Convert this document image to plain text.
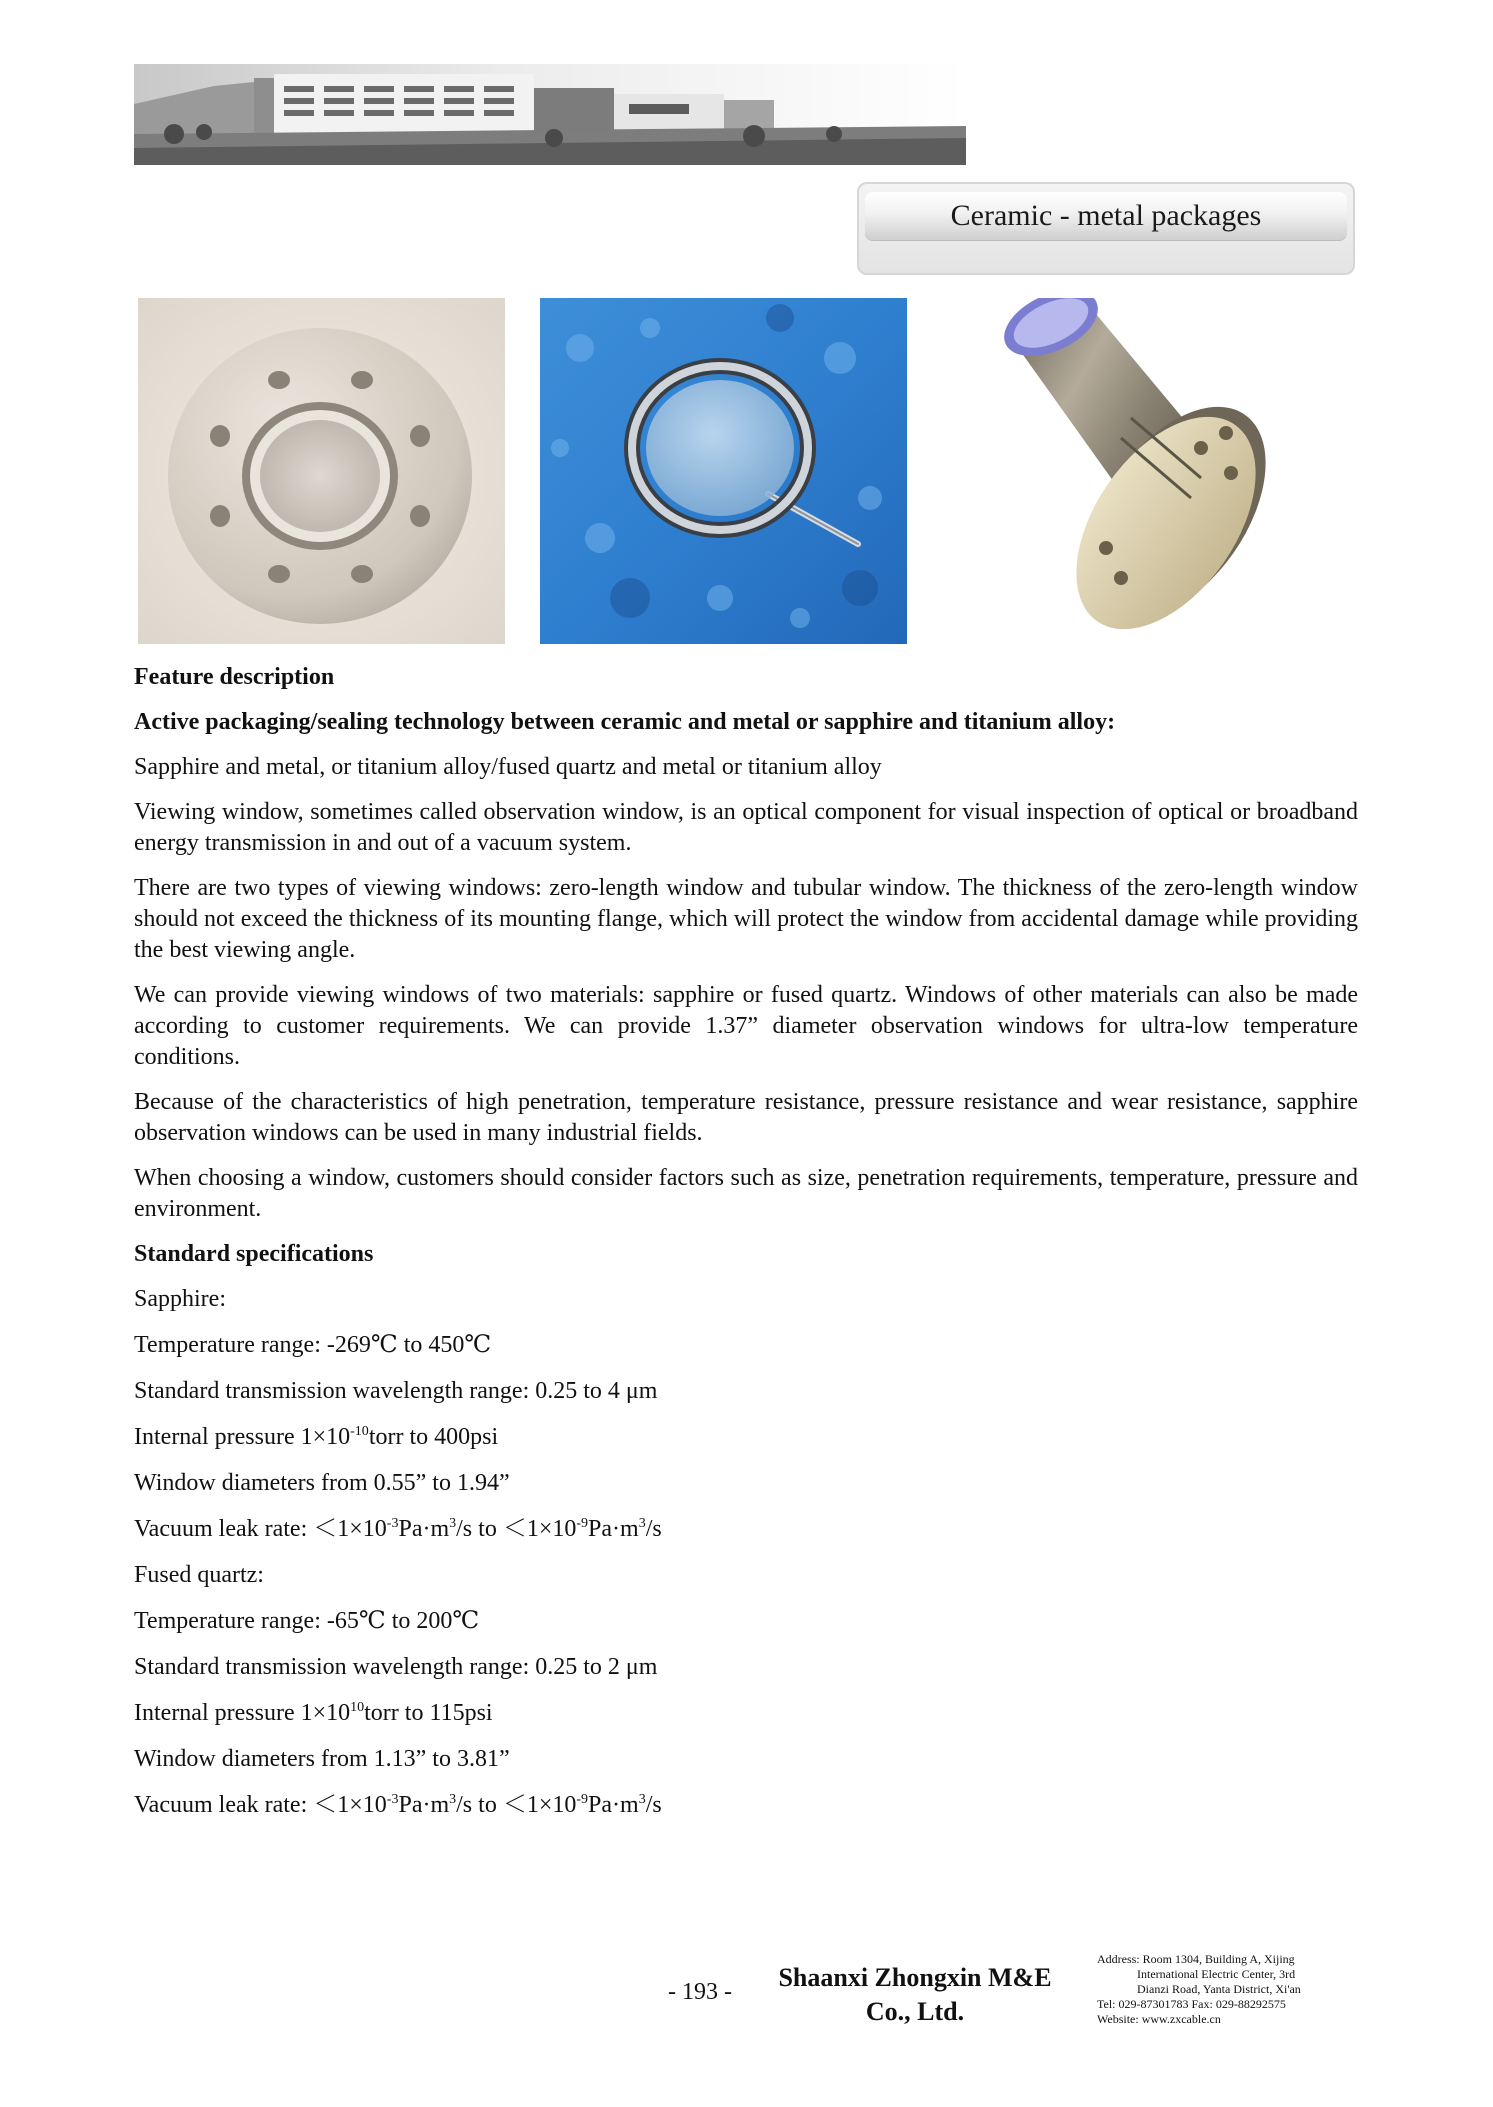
Ceramic - metal packages

Feature description

Active packaging/sealing technology between ceramic and metal or sapphire and titanium alloy:

Sapphire and metal, or titanium alloy/fused quartz and metal or titanium alloy

Viewing window, sometimes called observation window, is an optical component for visual inspection of optical or broadband energy transmission in and out of a vacuum system.

There are two types of viewing windows: zero-length window and tubular window. The thickness of the zero-length window should not exceed the thickness of its mounting flange, which will protect the window from accidental damage while providing the best viewing angle.

We can provide viewing windows of two materials: sapphire or fused quartz. Windows of other materials can also be made according to customer requirements. We can provide 1.37” diameter observation windows for ultra-low temperature conditions.

Because of the characteristics of high penetration, temperature resistance, pressure resistance and wear resistance, sapphire observation windows can be used in many industrial fields.

When choosing a window, customers should consider factors such as size, penetration requirements, temperature, pressure and environment.

Standard specifications

Sapphire:

Temperature range: -269℃ to 450℃

Standard transmission wavelength range: 0.25 to 4 μm

Internal pressure $1\times 10^{-10}torr$ to 400psi

Window diameters from 0.55” to 1.94”

Vacuum leak rate: $<1\times 10^{-3}Pa\cdot m^3/s$ to $<1\times 10^{-9}Pa\cdot m^3/s$

Fused quartz:

Temperature range: -65℃ to 200℃

Standard transmission wavelength range: 0.25 to 2 μm

Internal pressure $1\times 10^{10}torr$ to 115psi

Window diameters from 1.13” to 3.81”

Vacuum leak rate: $<1\times 10^{-3}Pa\cdot m^3/s$ to $<1\times 10^{-9}Pa\cdot m^3/s$

- 193 -	Shaanxi Zhongxin M&E
Co., Ltd.
Address: Room 1304, Building A, Xijing
International Electric Center, 3rd
Dianzi Road, Yanta District, Xi'an
Tel: 029-87301783 Fax: 029-88292575
Website: www.zxcable.cn
